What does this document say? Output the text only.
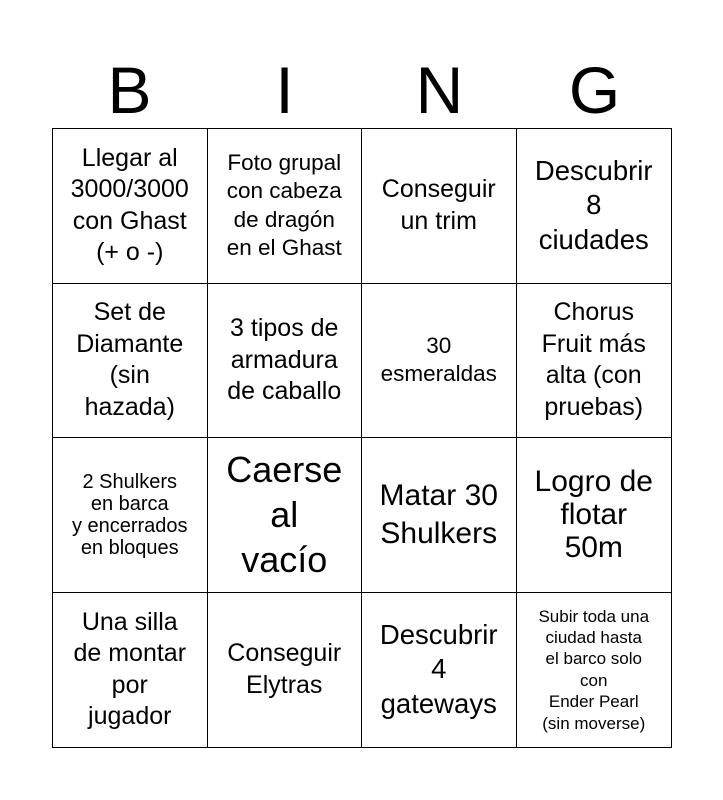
B	I	N	G
Llegar al
3000/3000
con Ghast
(+ o -)
Foto grupal
con cabeza
de dragón
en el Ghast
Conseguir
un trim
Descubrir
8
ciudades
Set de
Diamante
(sin
hazada)
3 tipos de
armadura
de caballo
30
esmeraldas
Chorus
Fruit más
alta (con
pruebas)
2 Shulkers
en barca
y encerrados
en bloques
Caerse
al
vacío
Matar 30
Shulkers
Logro de
flotar
50m
Una silla
de montar
por
jugador
Conseguir
Elytras
Descubrir
4
gateways
Subir toda una
ciudad hasta
el barco solo
con
Ender Pearl
(sin moverse)
